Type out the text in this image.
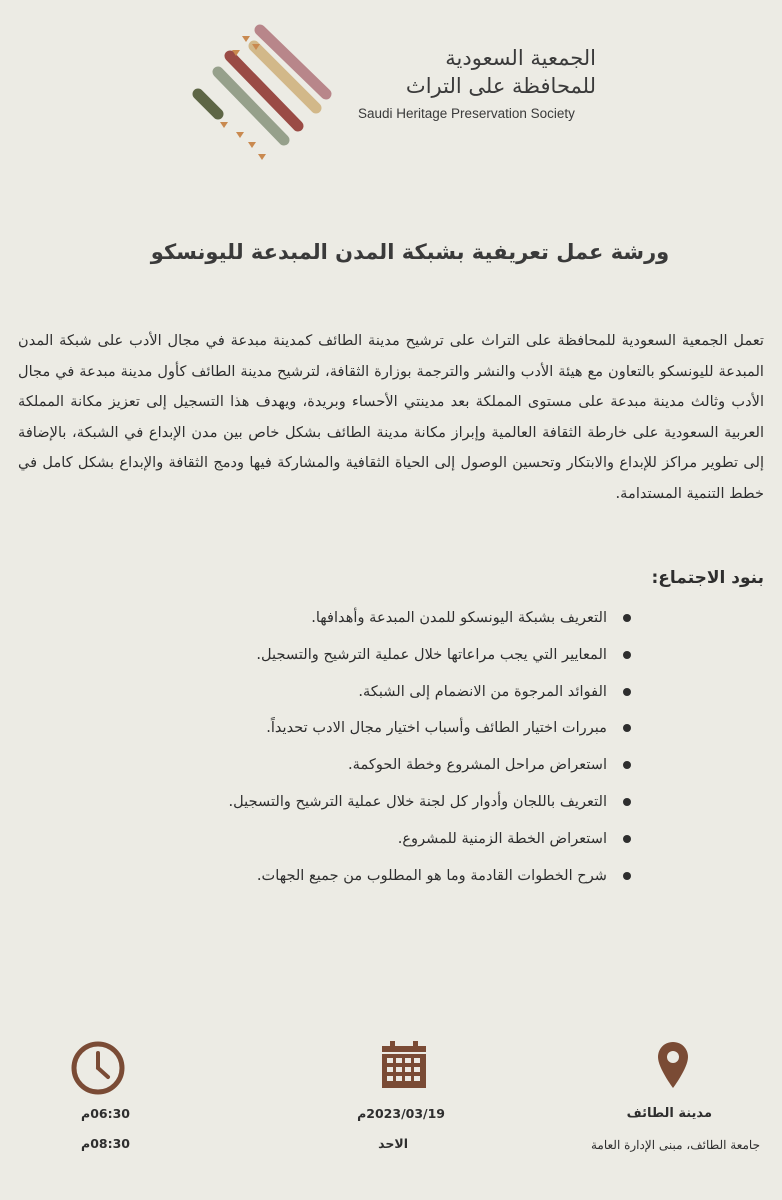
الجمعية السعودية
للمحافظة على التراث
Saudi Heritage Preservation Society
ورشة عمل تعريفية بشبكة المدن المبدعة لليونسكو

تعمل الجمعية السعودية للمحافظة على التراث على ترشيح مدينة الطائف كمدينة مبدعة في مجال الأدب على شبكة المدن المبدعة لليونسكو بالتعاون مع هيئة الأدب والنشر والترجمة بوزارة الثقافة، لترشيح مدينة الطائف كأول مدينة مبدعة في مجال الأدب وثالث مدينة مبدعة على مستوى المملكة بعد مدينتي الأحساء وبريدة، ويهدف هذا التسجيل إلى تعزيز مكانة المملكة العربية السعودية على خارطة الثقافة العالمية وإبراز مكانة مدينة الطائف بشكل خاص بين مدن الإبداع في الشبكة، بالإضافة إلى تطوير مراكز للإبداع والابتكار وتحسين الوصول إلى الحياة الثقافية والمشاركة فيها ودمج الثقافة والإبداع بشكل كامل في خطط التنمية المستدامة.

بنود الاجتماع:
التعريف بشبكة اليونسكو للمدن المبدعة وأهدافها.
المعايير التي يجب مراعاتها خلال عملية الترشيح والتسجيل.
الفوائد المرجوة من الانضمام إلى الشبكة.
مبررات اختيار الطائف وأسباب اختيار مجال الادب تحديداً.
استعراض مراحل المشروع وخطة الحوكمة.
التعريف باللجان وأدوار كل لجنة خلال عملية الترشيح والتسجيل.
استعراض الخطة الزمنية للمشروع.
شرح الخطوات القادمة وما هو المطلوب من جميع الجهات.
06:30م
08:30م
2023/03/19م
الاحد
مدينة الطائف
جامعة الطائف، مبنى الإدارة العامة
